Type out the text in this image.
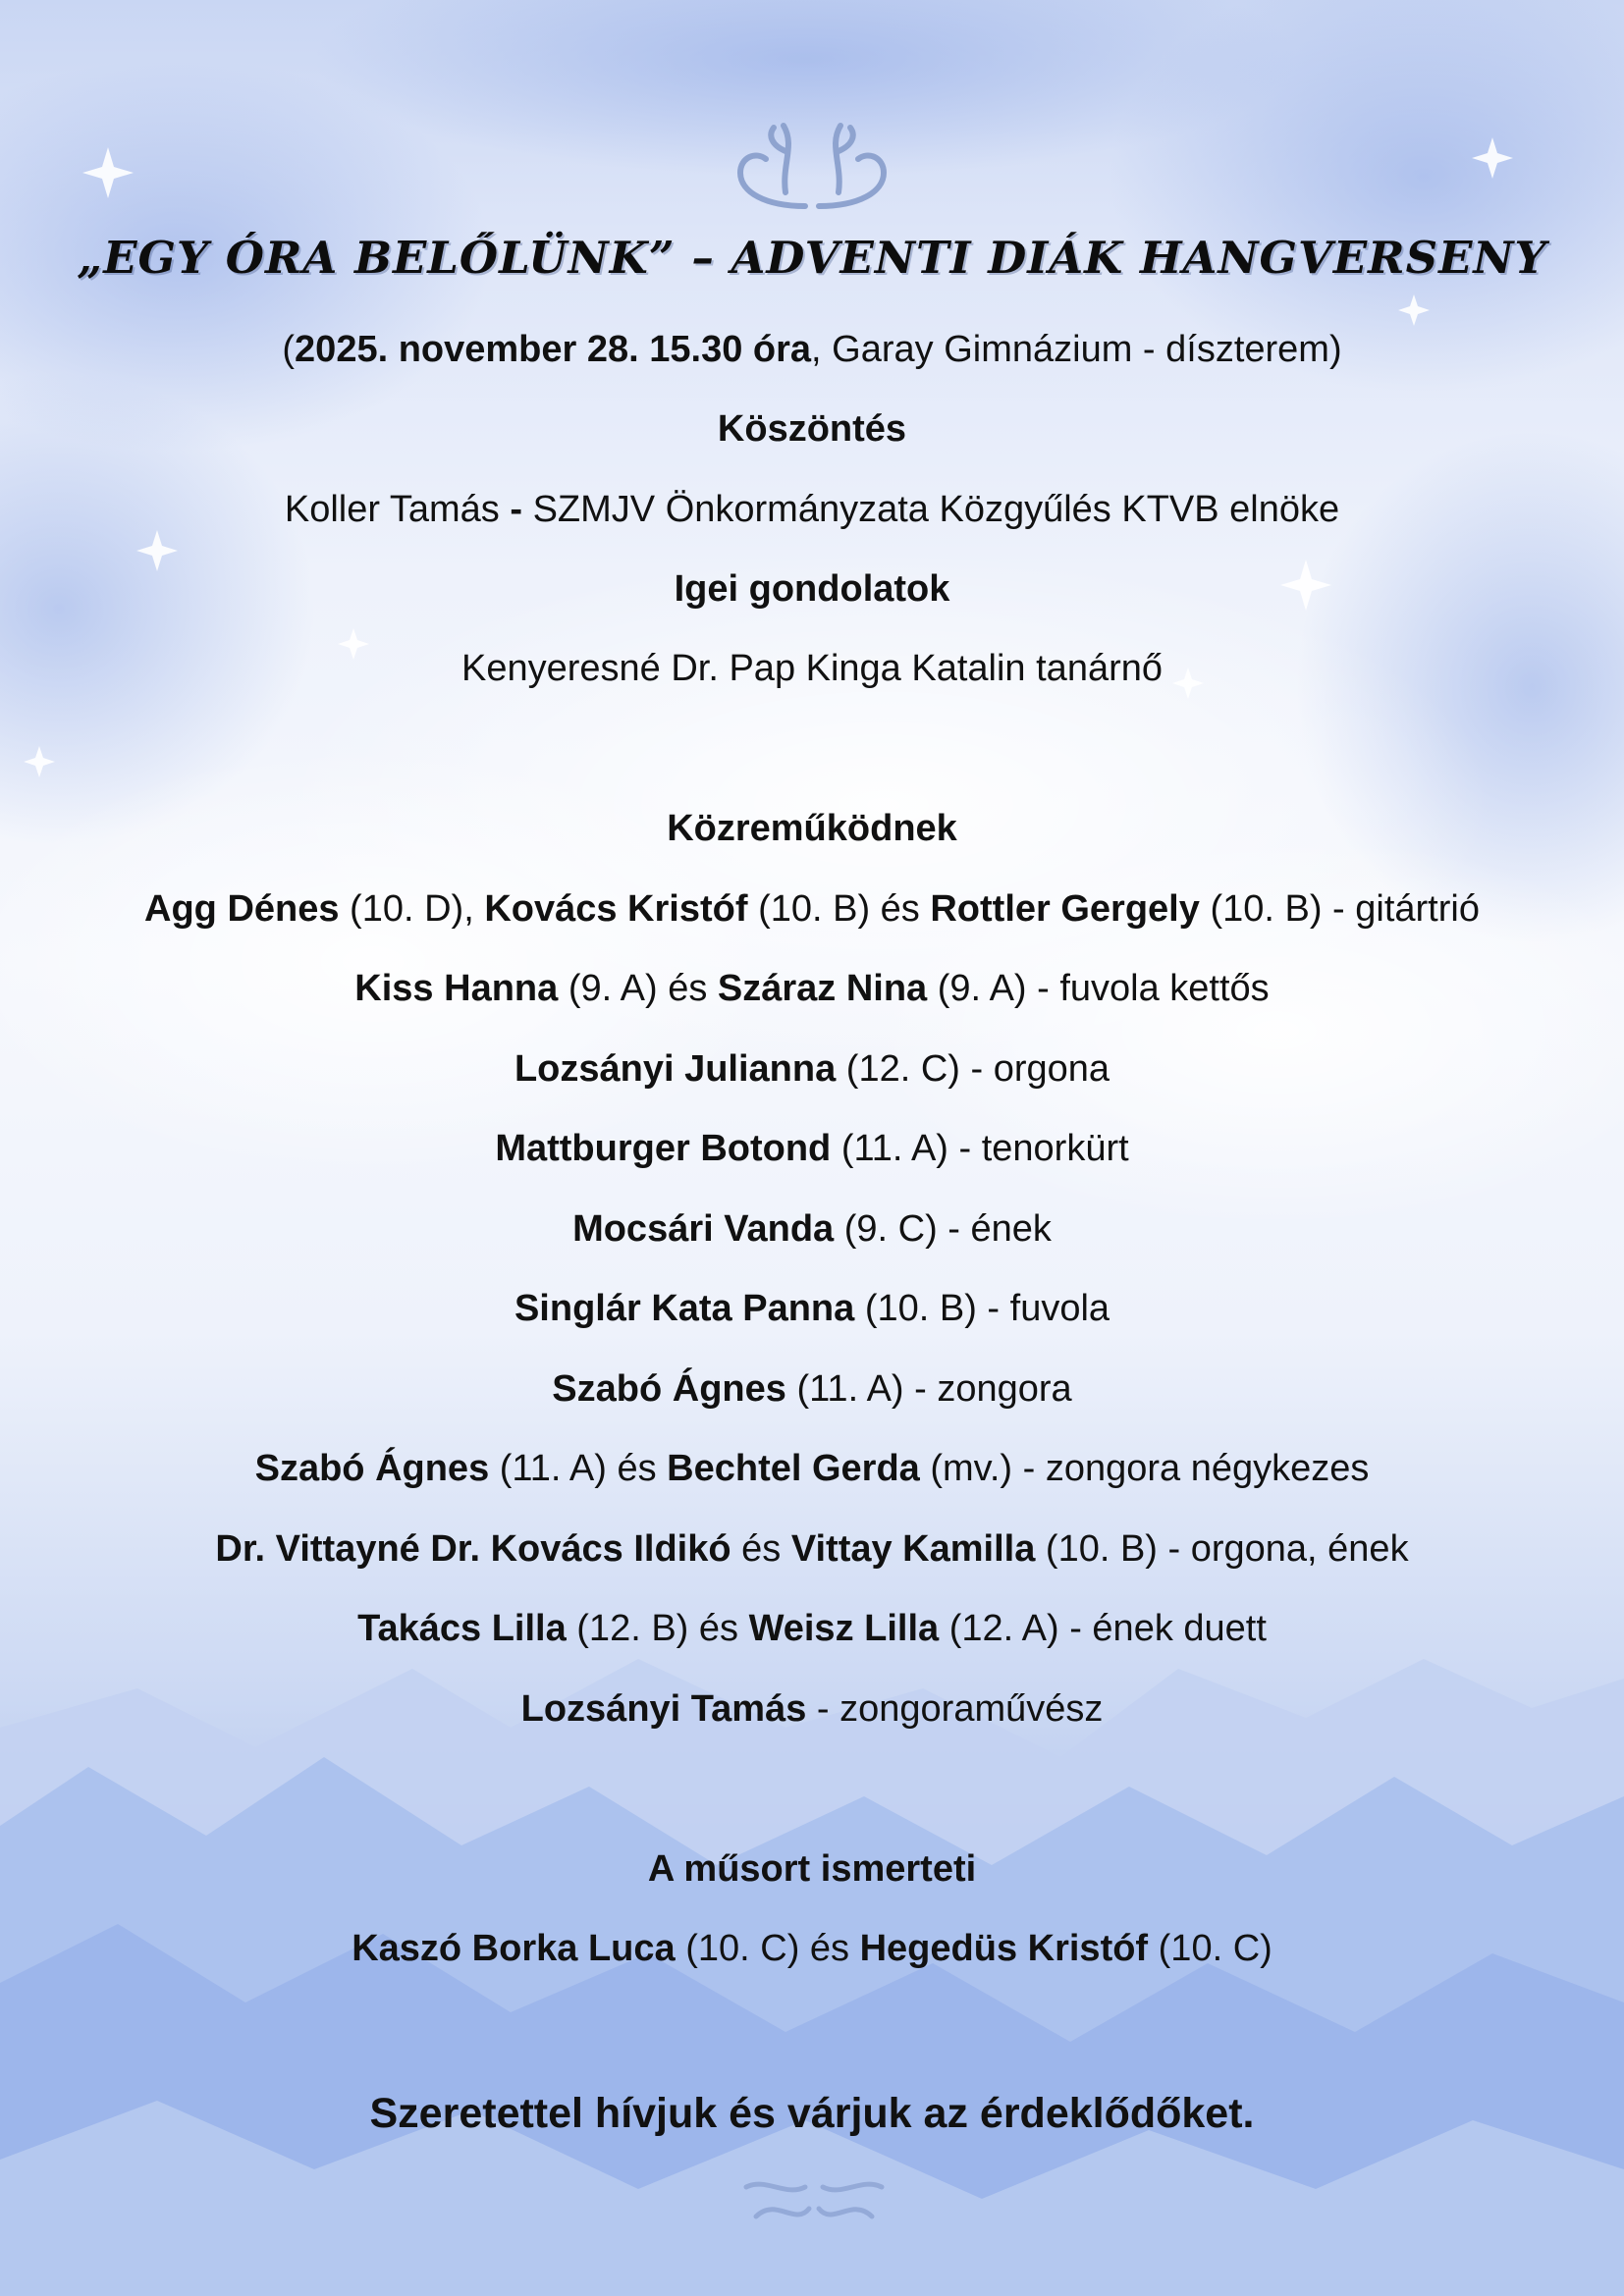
„EGY ÓRA BELŐLÜNK” – ADVENTI DIÁK HANGVERSENY
(2025. november 28. 15.30 óra, Garay Gimnázium - díszterem)
Köszöntés
Koller Tamás - SZMJV Önkormányzata Közgyűlés KTVB elnöke
Igei gondolatok
Kenyeresné Dr. Pap Kinga Katalin tanárnő
Közreműködnek
Agg Dénes (10. D), Kovács Kristóf (10. B) és Rottler Gergely (10. B) - gitártrió
Kiss Hanna (9. A) és Száraz Nina (9. A) - fuvola kettős
Lozsányi Julianna (12. C) - orgona
Mattburger Botond (11. A) - tenorkürt
Mocsári Vanda (9. C) - ének
Singlár Kata Panna (10. B) - fuvola
Szabó Ágnes (11. A) - zongora
Szabó Ágnes (11. A) és Bechtel Gerda (mv.) - zongora négykezes
Dr. Vittayné Dr. Kovács Ildikó és Vittay Kamilla (10. B) - orgona, ének
Takács Lilla (12. B) és Weisz Lilla (12. A) - ének duett
Lozsányi Tamás - zongoraművész
A műsort ismerteti
Kaszó Borka Luca (10. C) és Hegedüs Kristóf (10. C)
Szeretettel hívjuk és várjuk az érdeklődőket.
